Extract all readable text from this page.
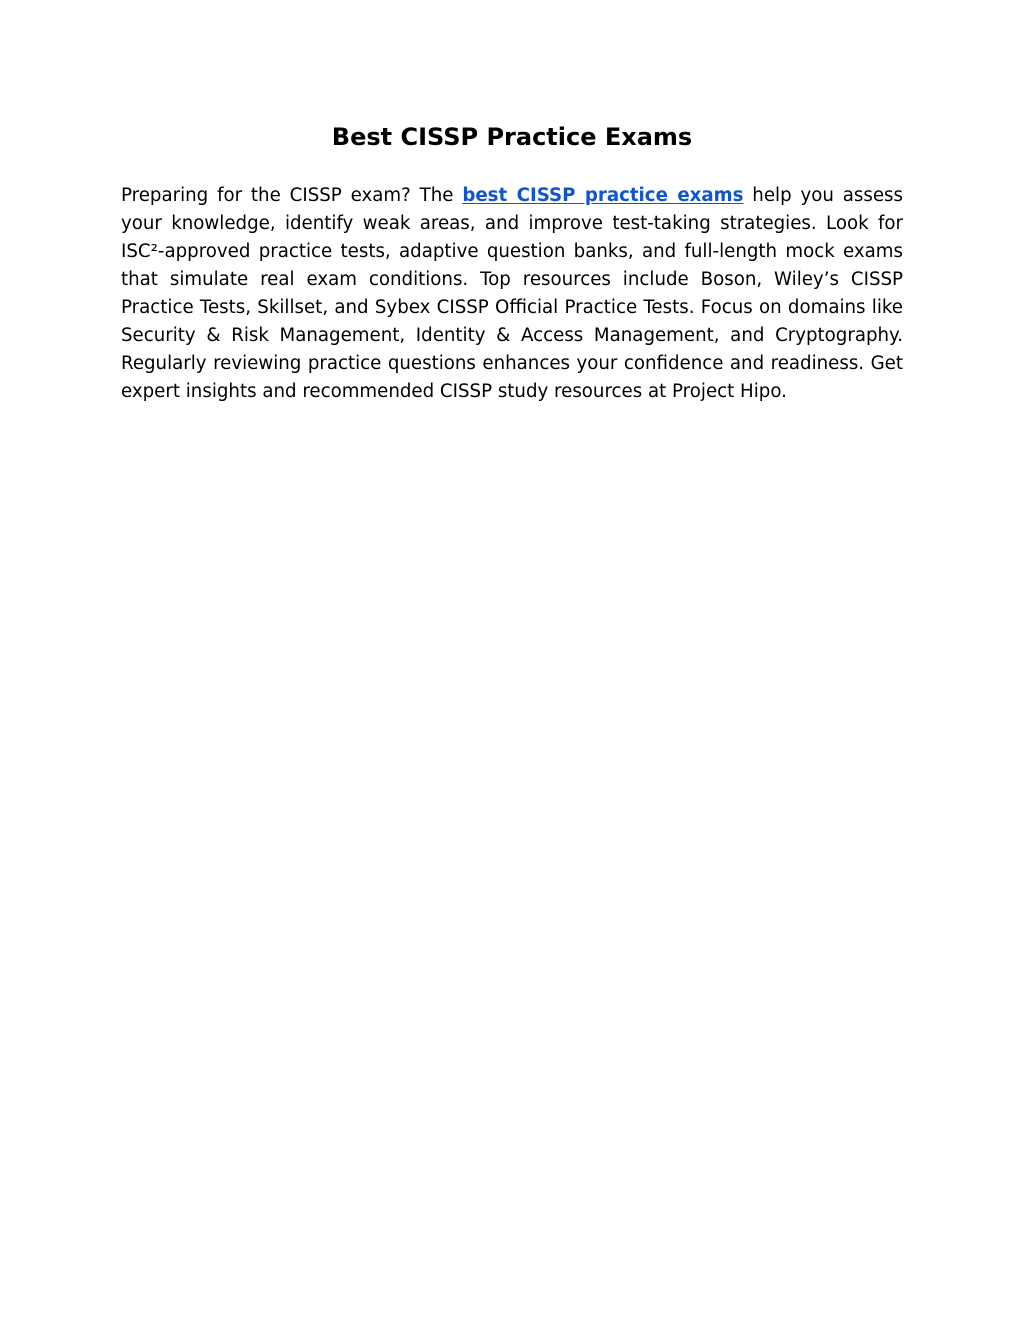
Best CISSP Practice Exams

Preparing for the CISSP exam? The best CISSP practice exams help you assess your knowledge, identify weak areas, and improve test-taking strategies. Look for ISC²-approved practice tests, adaptive question banks, and full-length mock exams that simulate real exam conditions. Top resources include Boson, Wiley’s CISSP Practice Tests, Skillset, and Sybex CISSP Official Practice Tests. Focus on domains like Security & Risk Management, Identity & Access Management, and Cryptography. Regularly reviewing practice questions enhances your confidence and readiness. Get expert insights and recommended CISSP study resources at Project Hipo.
